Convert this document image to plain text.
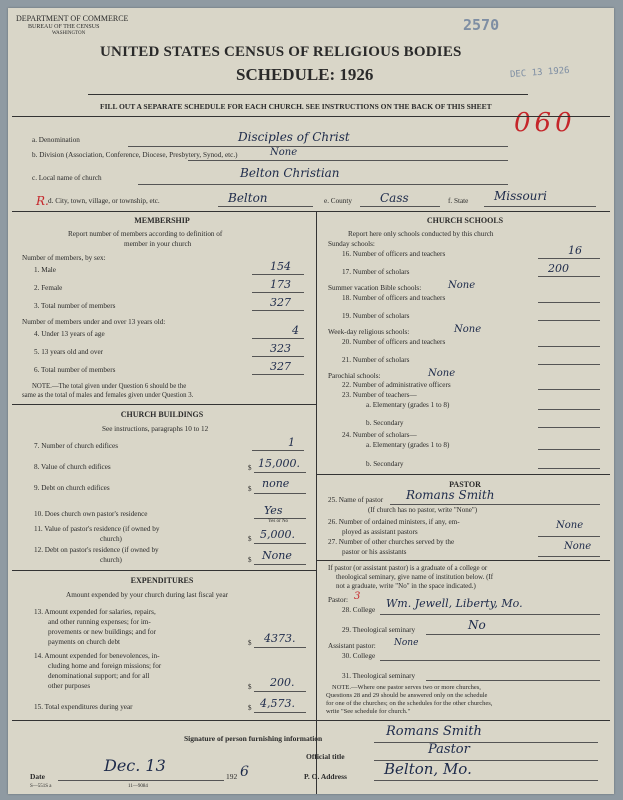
DEPARTMENT OF COMMERCE
BUREAU OF THE CENSUS
WASHINGTON	2570
UNITED STATES CENSUS OF RELIGIOUS BODIES
SCHEDULE: 1926	DEC 13 1926
060
FILL OUT A SEPARATE SCHEDULE FOR EACH CHURCH. SEE INSTRUCTIONS ON THE BACK OF THIS SHEET
a. Denomination	Disciples of Christ
b. Division (Association, Conference, Diocese, Presbytery, Synod, etc.)	None
c. Local name of church	Belton Christian
R. d. City, town, village, or township, etc.	Belton	e. County Cass	f. State Missouri
MEMBERSHIP
Report number of members according to definition of
member in your church
Number of members, by sex:
1. Male	154
2. Female	173
3. Total number of members	327
Number of members under and over 13 years old:
4. Under 13 years of age	4
5. 13 years old and over	323
6. Total number of members	327
NOTE.—The total given under Question 6 should be the
same as the total of males and females given under Question 3.
CHURCH BUILDINGS
See instructions, paragraphs 10 to 12
7. Number of church edifices	1
8. Value of church edifices	$ 15,000.
9. Debt on church edifices	$ none
10. Does church own pastor's residence	Yes
Yes or No
11. Value of pastor's residence (if owned by
church)	$ 5,000.
12. Debt on pastor's residence (if owned by
church)	$ None
EXPENDITURES
Amount expended by your church during last fiscal year
13. Amount expended for salaries, repairs,
and other running expenses; for im-
provements or new buildings; and for
payments on church debt	$ 4373.
14. Amount expended for benevolences, in-
cluding home and foreign missions; for
denominational support; and for all
other purposes	$ 200.
15. Total expenditures during year	$ 4,573.
CHURCH SCHOOLS
Report here only schools conducted by this church
Sunday schools:
16. Number of officers and teachers	16
17. Number of scholars	200
Summer vacation Bible schools:	None
18. Number of officers and teachers
19. Number of scholars
Week-day religious schools:	None
20. Number of officers and teachers
21. Number of scholars
Parochial schools:	None
22. Number of administrative officers
23. Number of teachers—
a. Elementary (grades 1 to 8)
b. Secondary
24. Number of scholars—
a. Elementary (grades 1 to 8)
b. Secondary
PASTOR
25. Name of pastor Romans Smith
(If church has no pastor, write "None")
26. Number of ordained ministers, if any, em-
ployed as assistant pastors
None
27. Number of other churches served by the
pastor or his assistants	None
If pastor (or assistant pastor) is a graduate of a college or
theological seminary, give name of institution below. (If
not a graduate, write "No" in the space indicated.)
Pastor: 3
28. College Wm. Jewell, Liberty, Mo.
29. Theological seminary	No
Assistant pastor: None
30. College
31. Theological seminary
NOTE.—Where one pastor serves two or more churches,
Questions 28 and 29 should be answered only on the schedule
for one of the churches; on the schedules for the other churches,
write "See schedule for church."
Signature of person furnishing information	Romans Smith
Official title	Pastor
Date
Dec. 13
192 6	P. O. Address Belton, Mo.
S—551S a	11—9084
